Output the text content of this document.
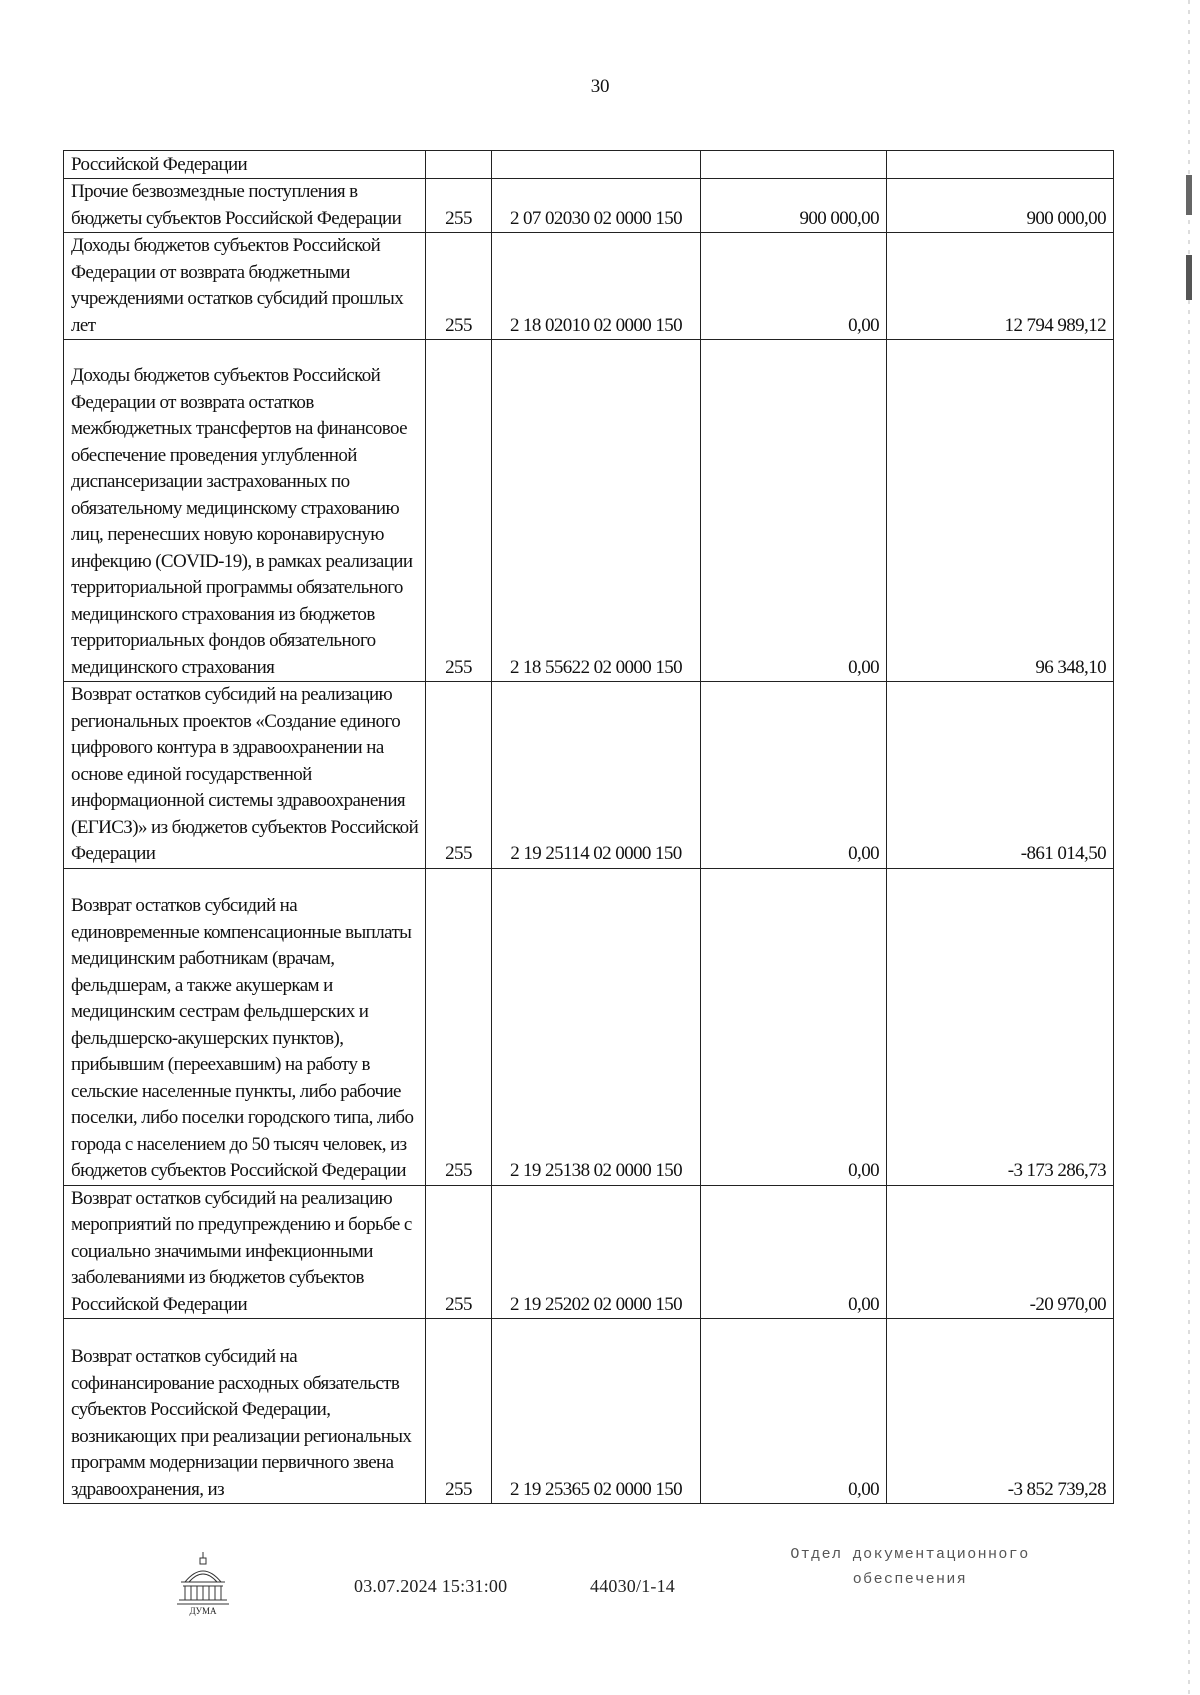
30
Российской Федерации				
Прочие безвозмездные поступления в бюджеты субъектов Российской Федерации	255	2 07 02030 02 0000 150	900 000,00	900 000,00
Доходы бюджетов субъектов Российской Федерации от возврата бюджетными учреждениями остатков субсидий прошлых лет	255	2 18 02010 02 0000 150	0,00	12 794 989,12
Доходы бюджетов субъектов Российской Федерации от возврата остатков межбюджетных трансфертов на финансовое обеспечение проведения углубленной диспансеризации застрахованных по обязательному медицинскому страхованию лиц, перенесших новую коронавирусную инфекцию (COVID-19), в рамках реализации территориальной программы обязательного медицинского страхования из бюджетов территориальных фондов обязательного медицинского страхования	255	2 18 55622 02 0000 150	0,00	96 348,10
Возврат остатков субсидий на реализацию региональных проектов «Создание единого цифрового контура в здравоохранении на основе единой государственной информационной системы здравоохранения (ЕГИСЗ)» из бюджетов субъектов Российской Федерации	255	2 19 25114 02 0000 150	0,00	-861 014,50
Возврат остатков субсидий на единовременные компенсационные выплаты медицинским работникам (врачам, фельдшерам, а также акушеркам и медицинским сестрам фельдшерских и фельдшерско-акушерских пунктов), прибывшим (переехавшим) на работу в сельские населенные пункты, либо рабочие поселки, либо поселки городского типа, либо города с населением до 50 тысяч человек, из бюджетов субъектов Российской Федерации	255	2 19 25138 02 0000 150	0,00	-3 173 286,73
Возврат остатков субсидий на реализацию мероприятий по предупреждению и борьбе с социально значимыми инфекционными заболеваниями из бюджетов субъектов Российской Федерации	255	2 19 25202 02 0000 150	0,00	-20 970,00
Возврат остатков субсидий на софинансирование расходных обязательств субъектов Российской Федерации, возникающих при реализации региональных программ модернизации первичного звена здравоохранения, из	255	2 19 25365 02 0000 150	0,00	-3 852 739,28
ДУМА
03.07.2024 15:31:00	44030/1-14
Отдел документационного
обеспечения
